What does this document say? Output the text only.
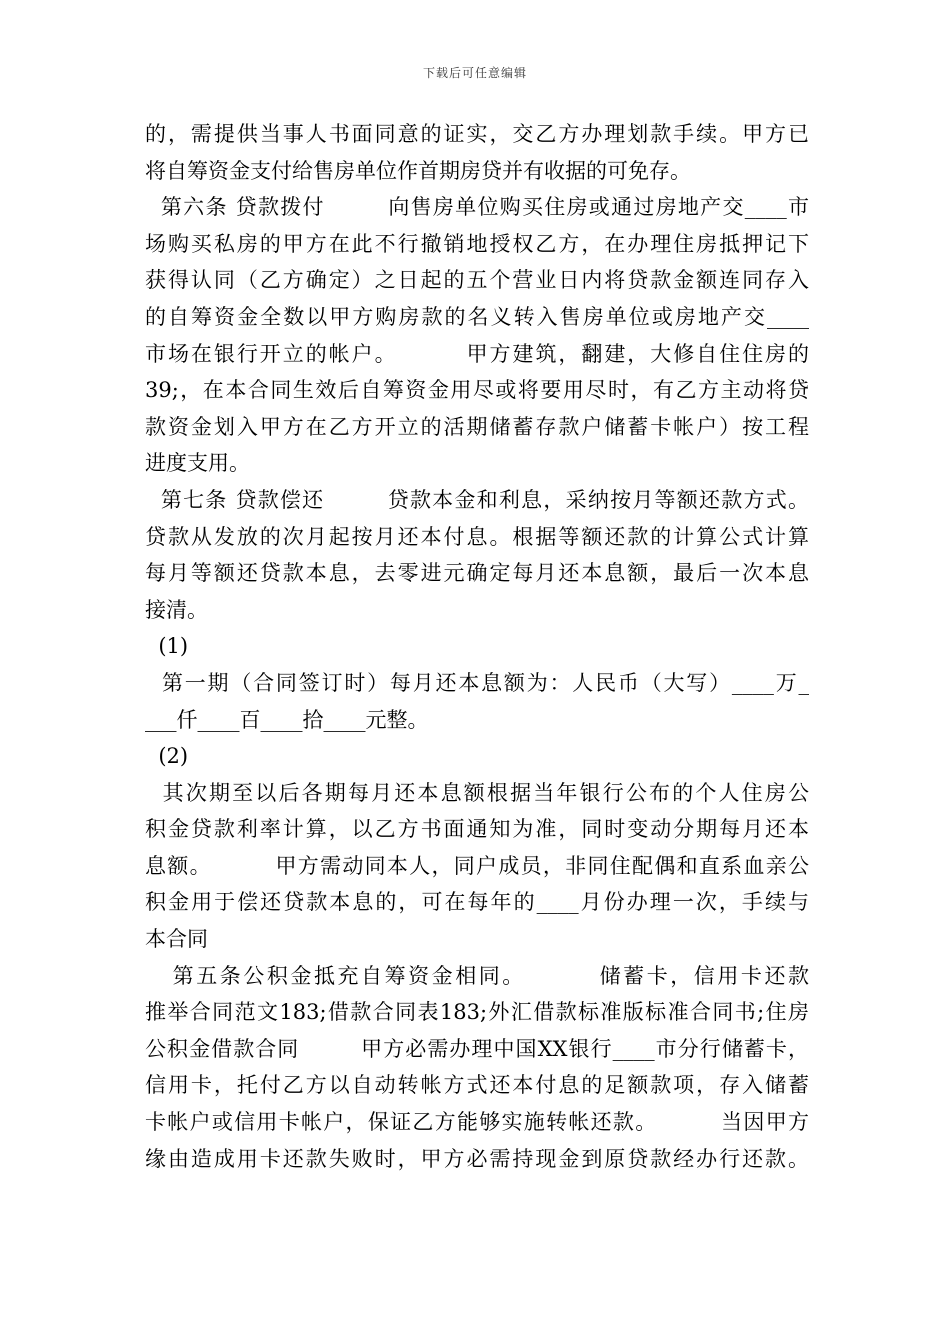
下载后可任意编辑
的，需提供当事人书面同意的证实，交乙方办理划款手续。甲方已
将自筹资金支付给售房单位作首期房贷并有收据的可免存。
第六条 贷款拨付        向售房单位购买住房或通过房地产交____市
场购买私房的甲方在此不行撤销地授权乙方，在办理住房抵押记下
获得认同（乙方确定）之日起的五个营业日内将贷款金额连同存入
的自筹资金全数以甲方购房款的名义转入售房单位或房地产交____
市场在银行开立的帐户。        甲方建筑，翻建，大修自住住房的
39;，在本合同生效后自筹资金用尽或将要用尽时，有乙方主动将贷
款资金划入甲方在乙方开立的活期储蓄存款户储蓄卡帐户）按工程
进度支用。
第七条 贷款偿还        贷款本金和利息，采纳按月等额还款方式。
贷款从发放的次月起按月还本付息。根据等额还款的计算公式计算
每月等额还贷款本息，去零进元确定每月还本息额，最后一次本息
接清。
(1)
第一期（合同签订时）每月还本息额为：人民币（大写）____万_
___仟____百____拾____元整。
(2)
其次期至以后各期每月还本息额根据当年银行公布的个人住房公
积金贷款利率计算，以乙方书面通知为准，同时变动分期每月还本
息额。        甲方需动同本人，同户成员，非同住配偶和直系血亲公
积金用于偿还贷款本息的，可在每年的____月份办理一次，手续与
本合同
第五条公积金抵充自筹资金相同。        储蓄卡，信用卡还款
推举合同范文183;借款合同表183;外汇借款标准版标准合同书;住房
公积金借款合同        甲方必需办理中国XX银行____市分行储蓄卡，
信用卡，托付乙方以自动转帐方式还本付息的足额款项，存入储蓄
卡帐户或信用卡帐户，保证乙方能够实施转帐还款。        当因甲方
缘由造成用卡还款失败时，甲方必需持现金到原贷款经办行还款。
